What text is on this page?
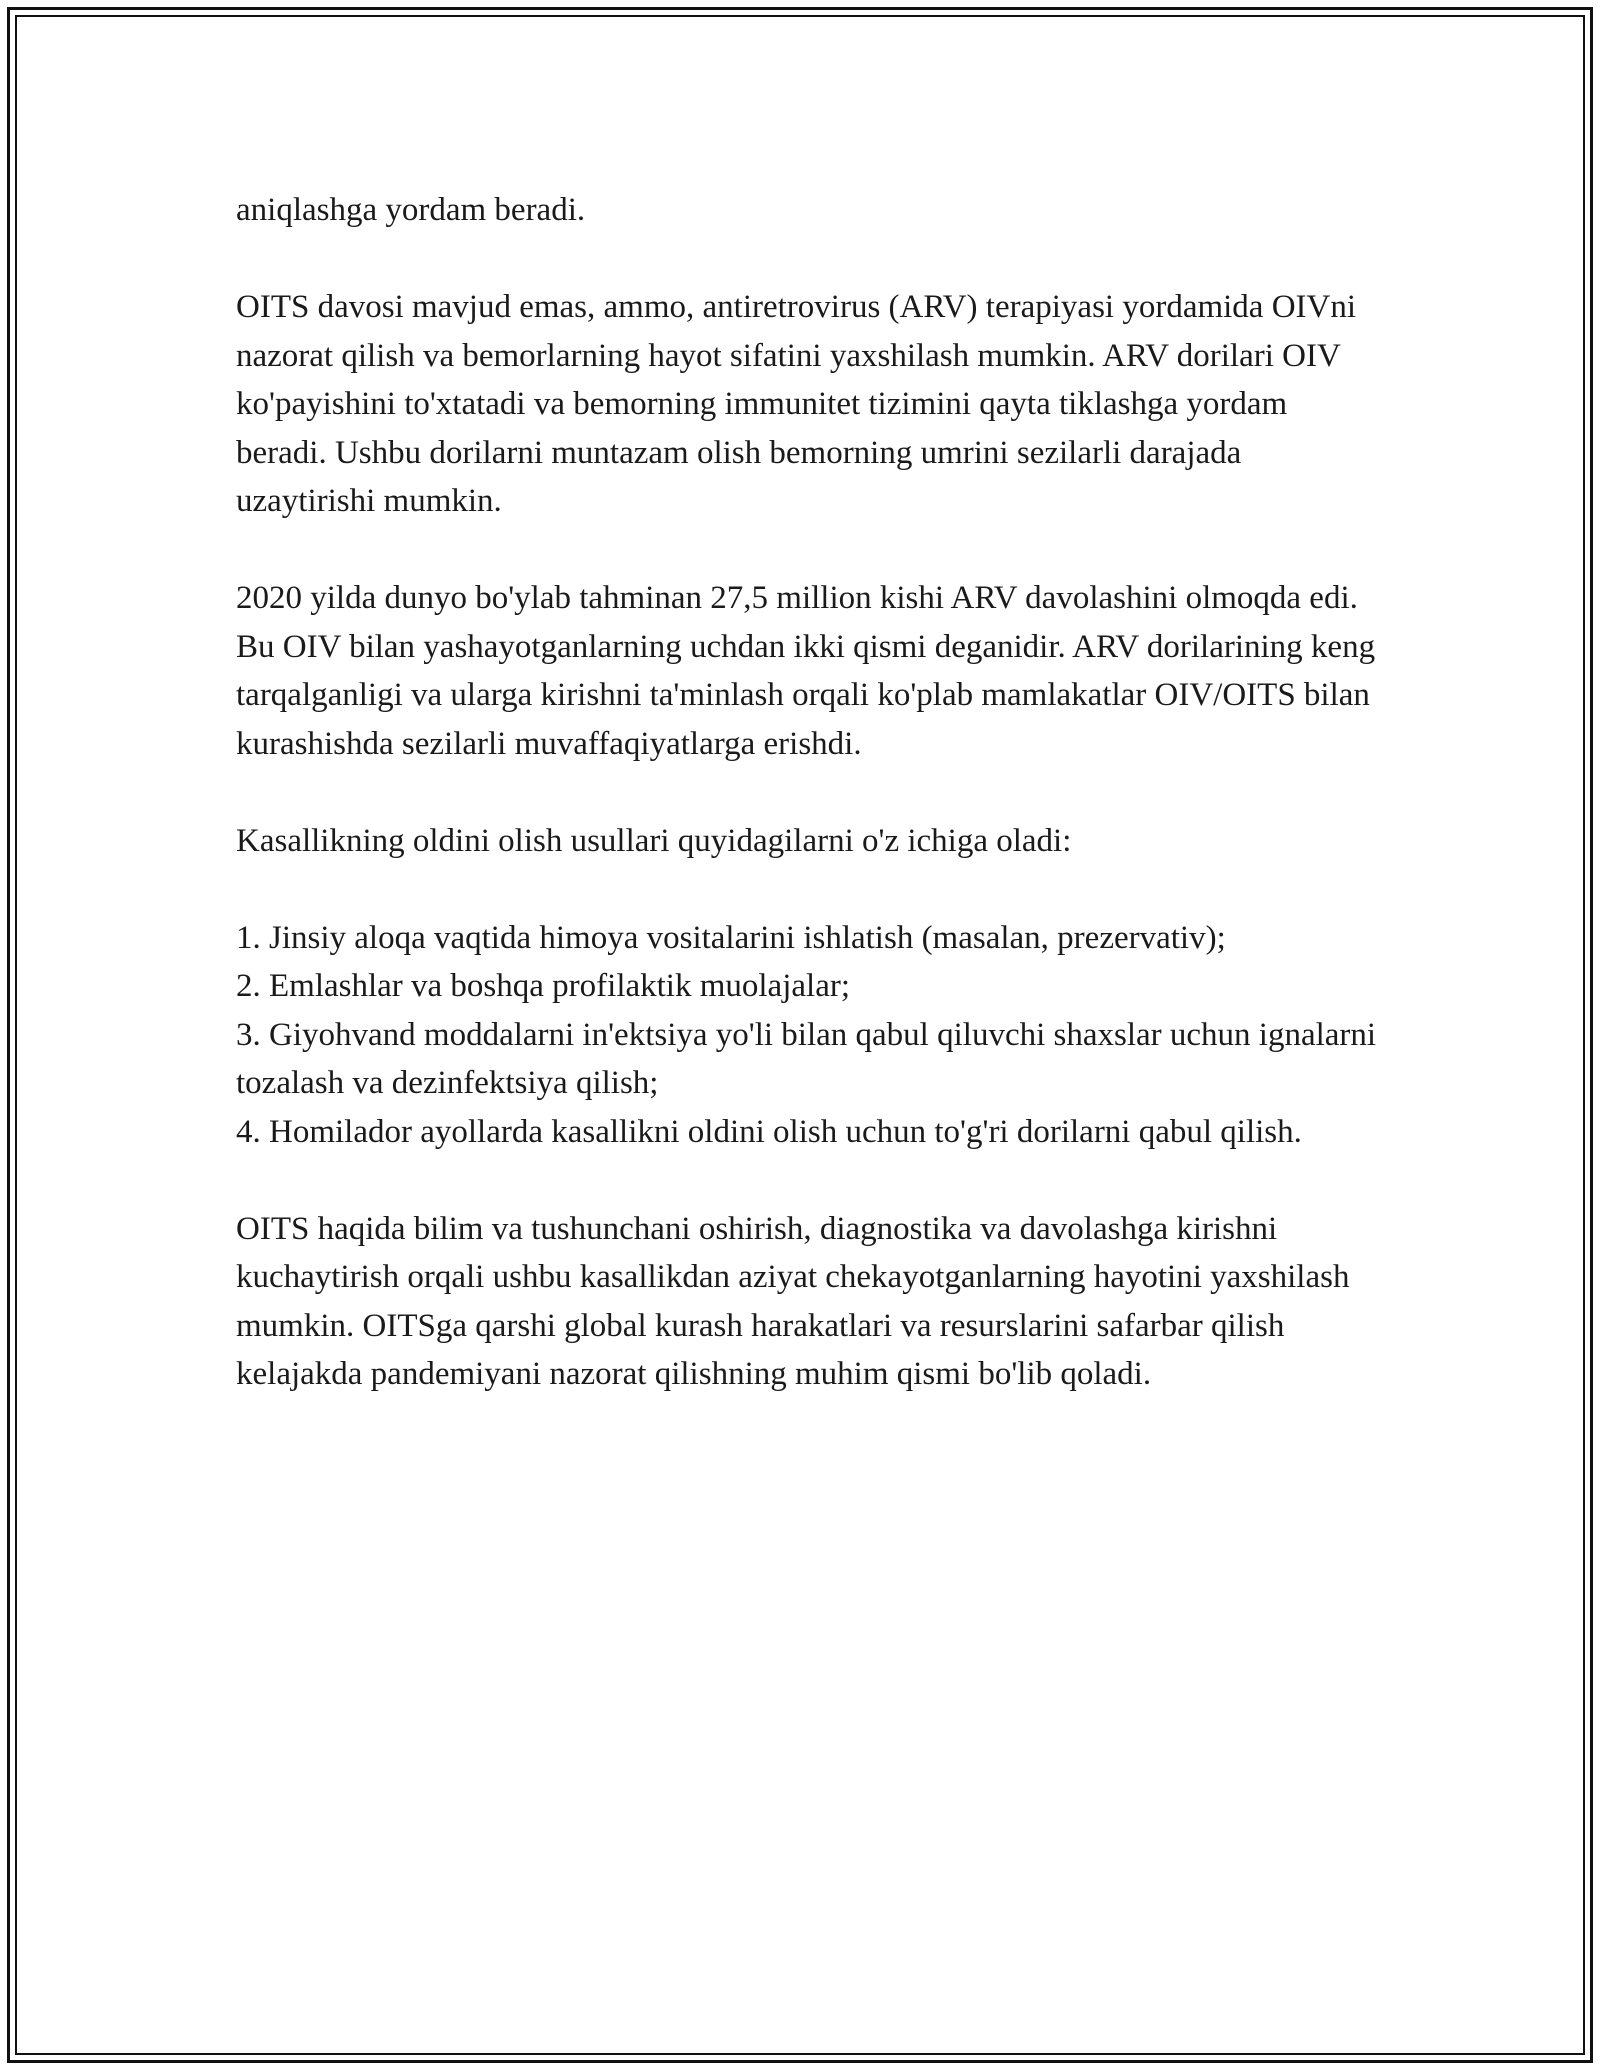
aniqlashga yordam beradi.

OITS davosi mavjud emas, ammo, antiretrovirus (ARV) terapiyasi yordamida OIVni nazorat qilish va bemorlarning hayot sifatini yaxshilash mumkin. ARV dorilari OIV ko'payishini to'xtatadi va bemorning immunitet tizimini qayta tiklashga yordam beradi. Ushbu dorilarni muntazam olish bemorning umrini sezilarli darajada uzaytirishi mumkin.

2020 yilda dunyo bo'ylab tahminan 27,5 million kishi ARV davolashini olmoqda edi. Bu OIV bilan yashayotganlarning uchdan ikki qismi deganidir. ARV dorilarining keng tarqalganligi va ularga kirishni ta'minlash orqali ko'plab mamlakatlar OIV/OITS bilan kurashishda sezilarli muvaffaqiyatlarga erishdi.

Kasallikning oldini olish usullari quyidagilarni o'z ichiga oladi:

1. Jinsiy aloqa vaqtida himoya vositalarini ishlatish (masalan, prezervativ);
2. Emlashlar va boshqa profilaktik muolajalar;
3. Giyohvand moddalarni in'ektsiya yo'li bilan qabul qiluvchi shaxslar uchun ignalarni tozalash va dezinfektsiya qilish;
4. Homilador ayollarda kasallikni oldini olish uchun to'g'ri dorilarni qabul qilish.

OITS haqida bilim va tushunchani oshirish, diagnostika va davolashga kirishni kuchaytirish orqali ushbu kasallikdan aziyat chekayotganlarning hayotini yaxshilash mumkin. OITSga qarshi global kurash harakatlari va resurslarini safarbar qilish kelajakda pandemiyani nazorat qilishning muhim qismi bo'lib qoladi.
